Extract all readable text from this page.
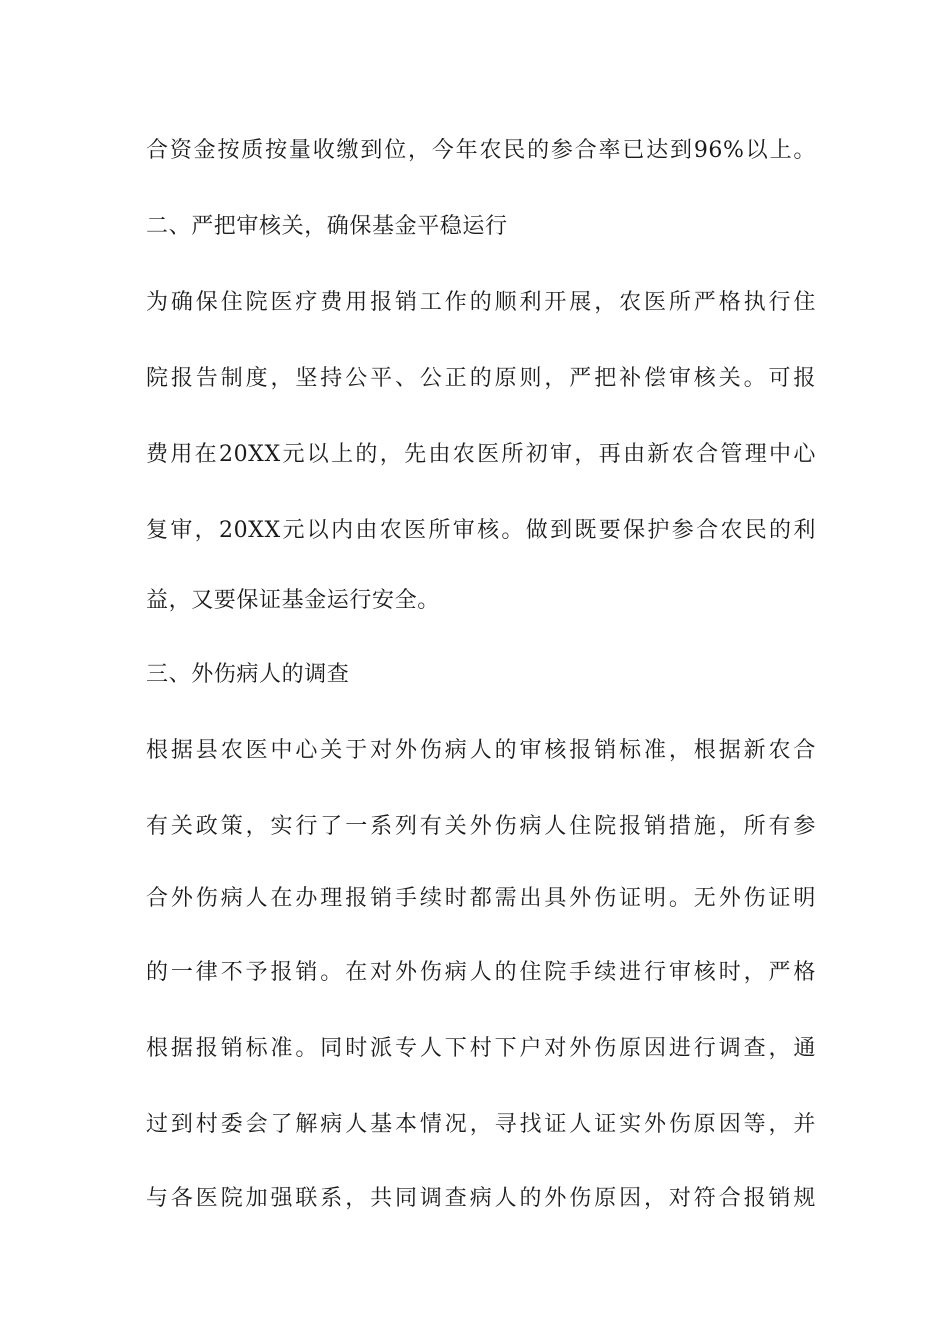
合资金按质按量收缴到位，今年农民的参合率已达到96%以上。
二、严把审核关，确保基金平稳运行
为确保住院医疗费用报销工作的顺利开展，农医所严格执行住
院报告制度，坚持公平、公正的原则，严把补偿审核关。可报
费用在20XX元以上的，先由农医所初审，再由新农合管理中心
复审，20XX元以内由农医所审核。做到既要保护参合农民的利
益，又要保证基金运行安全。
三、外伤病人的调查
根据县农医中心关于对外伤病人的审核报销标准，根据新农合
有关政策，实行了一系列有关外伤病人住院报销措施，所有参
合外伤病人在办理报销手续时都需出具外伤证明。无外伤证明
的一律不予报销。在对外伤病人的住院手续进行审核时，严格
根据报销标准。同时派专人下村下户对外伤原因进行调查，通
过到村委会了解病人基本情况，寻找证人证实外伤原因等，并
与各医院加强联系，共同调查病人的外伤原因，对符合报销规
